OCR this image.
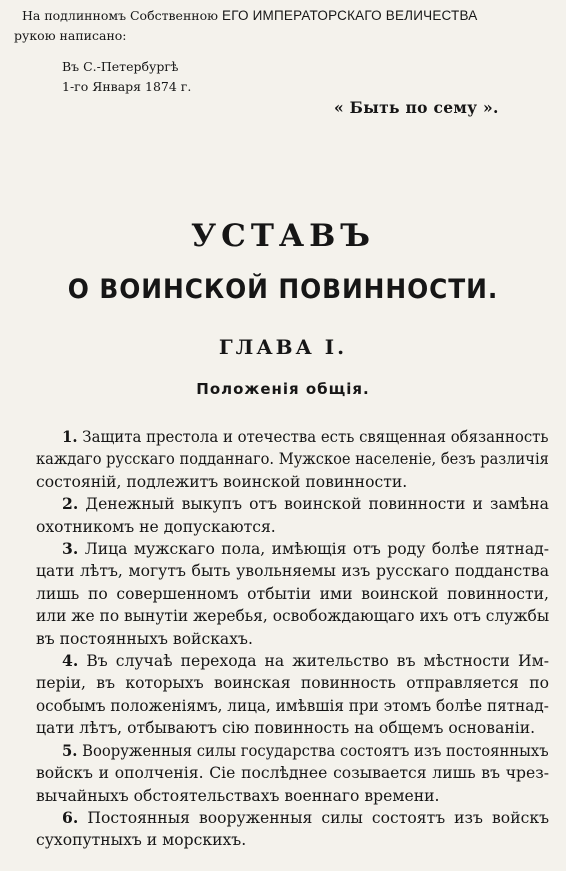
На подлинномъ Собственною ЕГО ИМПЕРАТОРСКАГО ВЕЛИЧЕСТВА
рукою написано:
Въ С.-Петербургѣ
1-го Января 1874 г.
« Быть по сему ».
УСТАВЪ
О ВОИНСКОЙ ПОВИННОСТИ.
ГЛАВА I.
Положенія общія.
1. Защита престола и отечества есть священная обязанность
каждаго русскаго подданнаго. Мужское населеніе, безъ различія
состояній, подлежитъ воинской повинности.
2. Денежный выкупъ отъ воинской повинности и замѣна
охотникомъ не допускаются.
3. Лица мужскаго пола, имѣющія отъ роду болѣе пятнад-
цати лѣтъ, могутъ быть увольняемы изъ русскаго подданства
лишь по совершенномъ отбытіи ими воинской повинности,
или же по вынутіи жеребья, освобождающаго ихъ отъ службы
въ постоянныхъ войскахъ.
4. Въ случаѣ перехода на жительство въ мѣстности Им-
періи, въ которыхъ воинская повинность отправляется по
особымъ положеніямъ, лица, имѣвшія при этомъ болѣе пятнад-
цати лѣтъ, отбываютъ сію повинность на общемъ основаніи.
5. Вооруженныя силы государства состоятъ изъ постоянныхъ
войскъ и ополченія. Сіе послѣднее созывается лишь въ чрез-
вычайныхъ обстоятельствахъ военнаго времени.
6. Постоянныя вооруженныя силы состоятъ изъ войскъ
сухопутныхъ и морскихъ.
